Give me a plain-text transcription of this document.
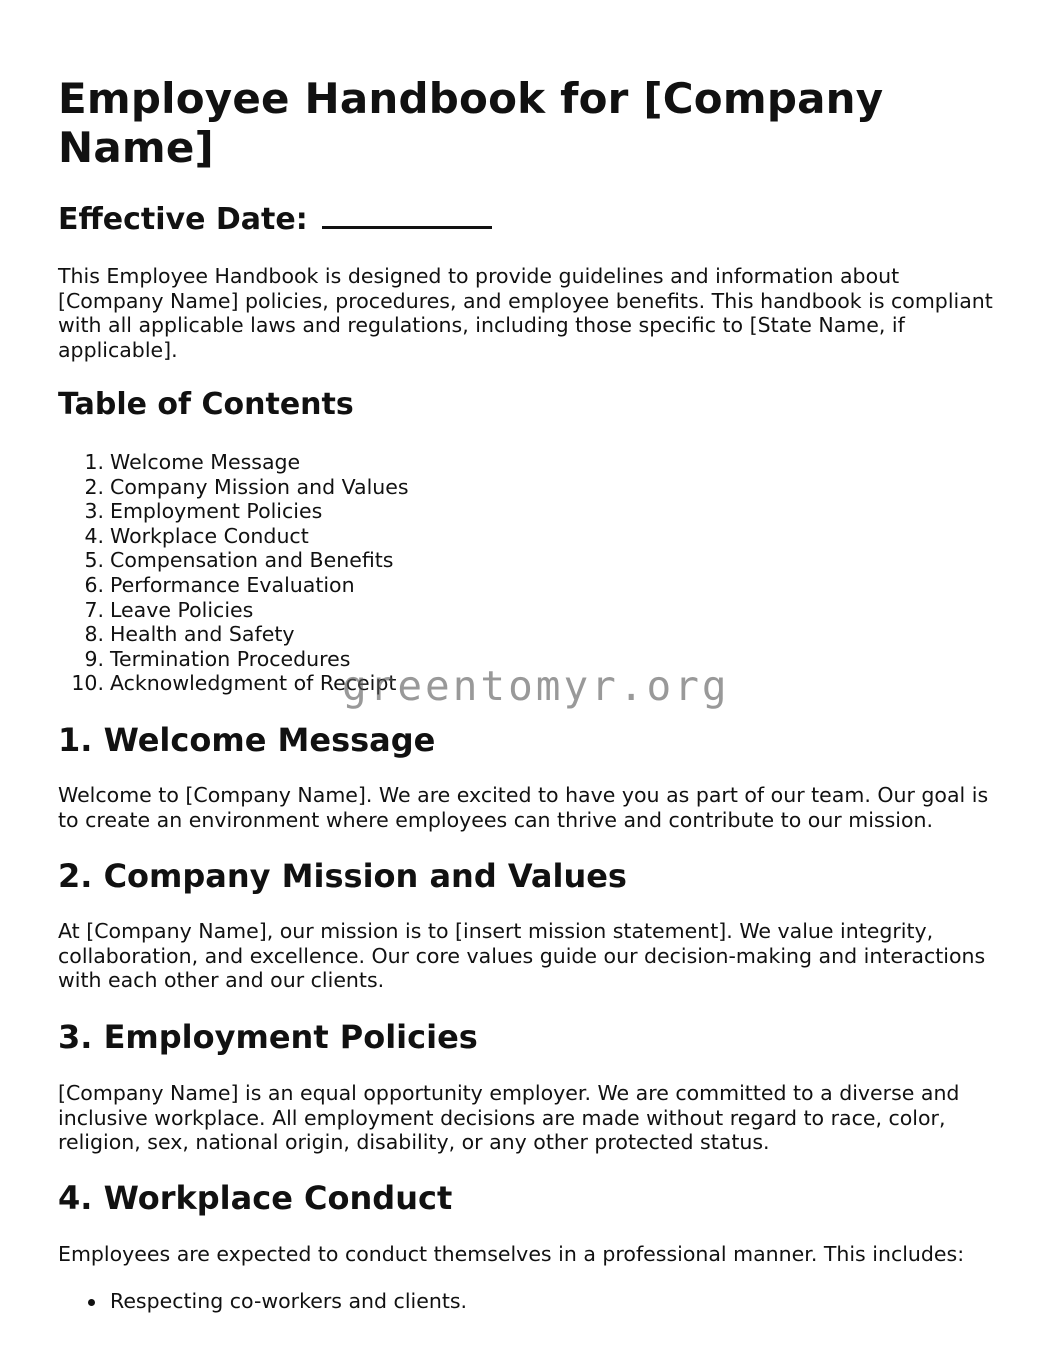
Employee Handbook for [Company Name]
Effective Date:

This Employee Handbook is designed to provide guidelines and information about [Company Name] policies, procedures, and employee benefits. This handbook is compliant with all applicable laws and regulations, including those specific to [State Name, if applicable].

Table of Contents
1. Welcome Message
2. Company Mission and Values
3. Employment Policies
4. Workplace Conduct
5. Compensation and Benefits
6. Performance Evaluation
7. Leave Policies
8. Health and Safety
9. Termination Procedures
10. Acknowledgment of Receipt
1. Welcome Message

Welcome to [Company Name]. We are excited to have you as part of our team. Our goal is to create an environment where employees can thrive and contribute to our mission.

2. Company Mission and Values

At [Company Name], our mission is to [insert mission statement]. We value integrity, collaboration, and excellence. Our core values guide our decision-making and interactions with each other and our clients.

3. Employment Policies

[Company Name] is an equal opportunity employer. We are committed to a diverse and inclusive workplace. All employment decisions are made without regard to race, color, religion, sex, national origin, disability, or any other protected status.

4. Workplace Conduct

Employees are expected to conduct themselves in a professional manner. This includes:

Respecting co-workers and clients.
greentomyr.org
